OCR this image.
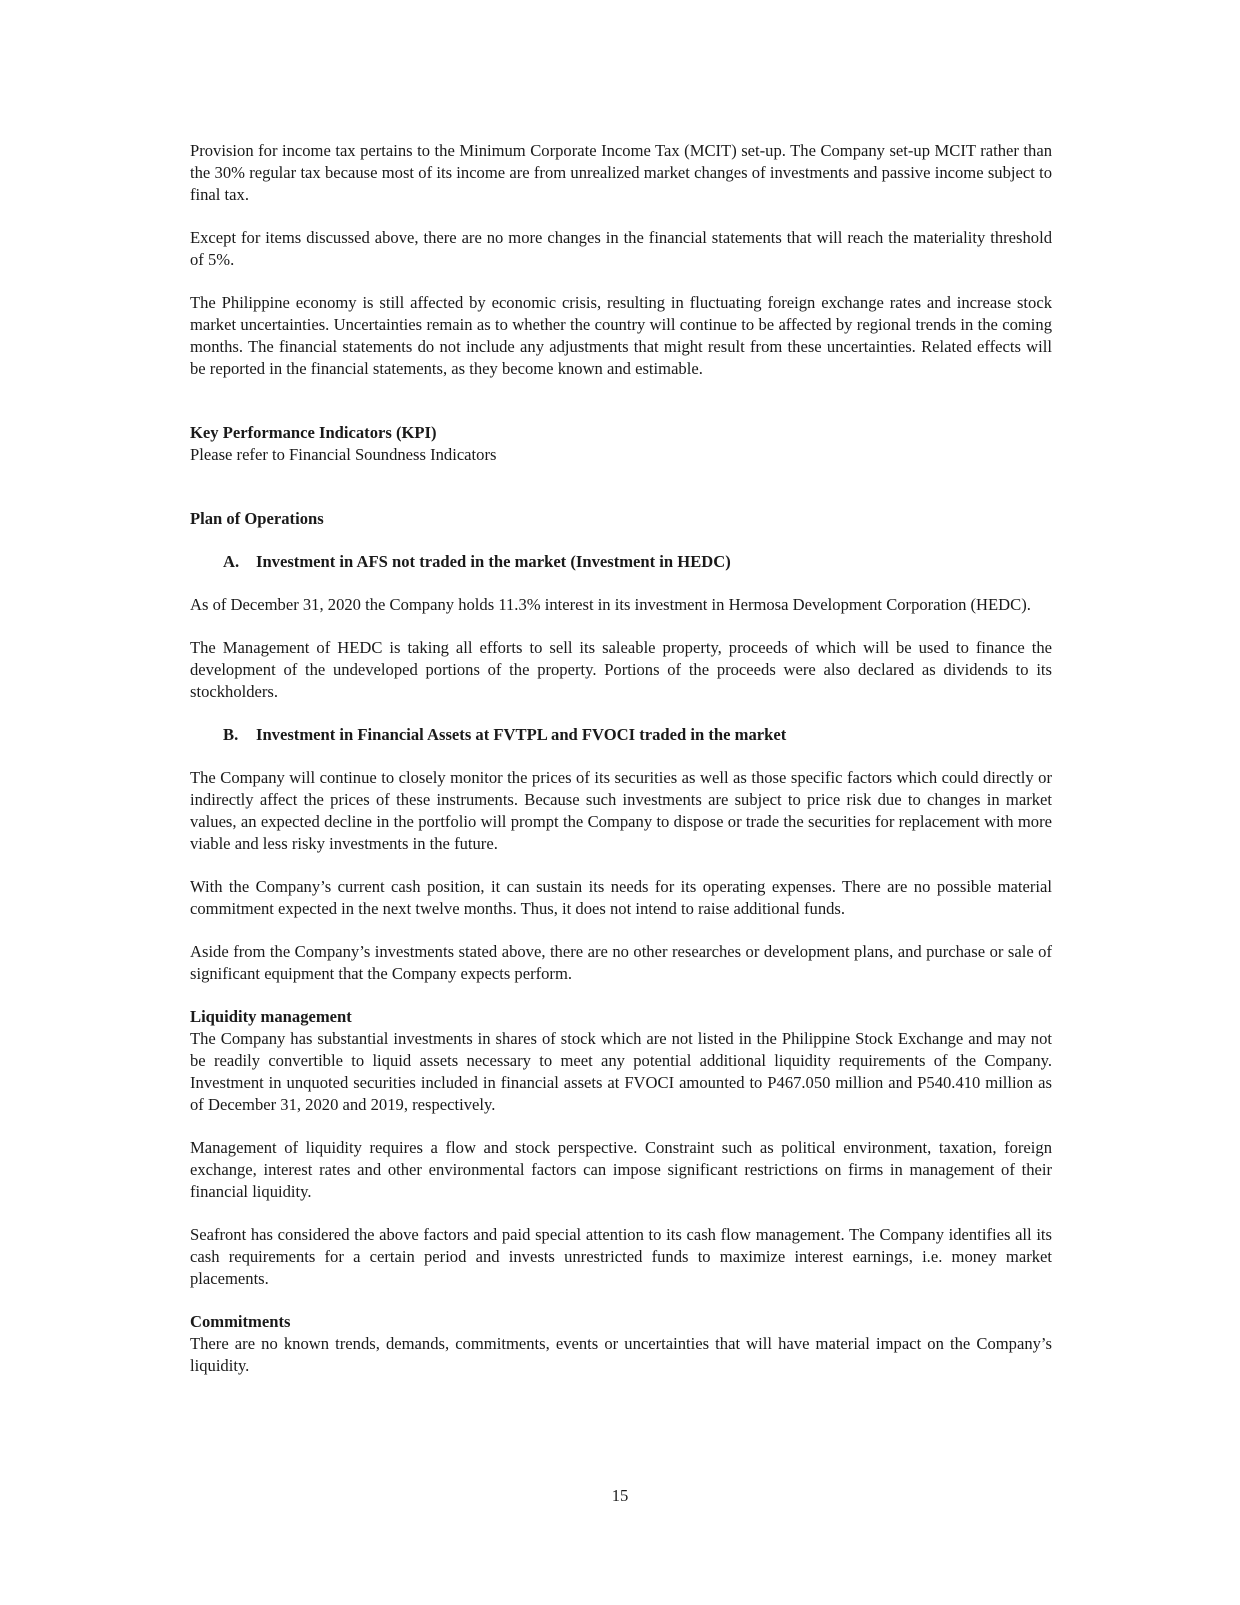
Provision for income tax pertains to the Minimum Corporate Income Tax (MCIT) set-up. The Company set-up MCIT rather than the 30% regular tax because most of its income are from unrealized market changes of investments and passive income subject to final tax.

Except for items discussed above, there are no more changes in the financial statements that will reach the materiality threshold of 5%.

The Philippine economy is still affected by economic crisis, resulting in fluctuating foreign exchange rates and increase stock market uncertainties. Uncertainties remain as to whether the country will continue to be affected by regional trends in the coming months. The financial statements do not include any adjustments that might result from these uncertainties. Related effects will be reported in the financial statements, as they become known and estimable.

Key Performance Indicators (KPI)

Please refer to Financial Soundness Indicators

Plan of Operations

A. Investment in AFS not traded in the market (Investment in HEDC)

As of December 31, 2020 the Company holds 11.3% interest in its investment in Hermosa Development Corporation (HEDC).

The Management of HEDC is taking all efforts to sell its saleable property, proceeds of which will be used to finance the development of the undeveloped portions of the property. Portions of the proceeds were also declared as dividends to its stockholders.

B. Investment in Financial Assets at FVTPL and FVOCI traded in the market

The Company will continue to closely monitor the prices of its securities as well as those specific factors which could directly or indirectly affect the prices of these instruments. Because such investments are subject to price risk due to changes in market values, an expected decline in the portfolio will prompt the Company to dispose or trade the securities for replacement with more viable and less risky investments in the future.

With the Company’s current cash position, it can sustain its needs for its operating expenses. There are no possible material commitment expected in the next twelve months. Thus, it does not intend to raise additional funds.

Aside from the Company’s investments stated above, there are no other researches or development plans, and purchase or sale of significant equipment that the Company expects perform.

Liquidity management

The Company has substantial investments in shares of stock which are not listed in the Philippine Stock Exchange and may not be readily convertible to liquid assets necessary to meet any potential additional liquidity requirements of the Company. Investment in unquoted securities included in financial assets at FVOCI amounted to P467.050 million and P540.410 million as of December 31, 2020 and 2019, respectively.

Management of liquidity requires a flow and stock perspective. Constraint such as political environment, taxation, foreign exchange, interest rates and other environmental factors can impose significant restrictions on firms in management of their financial liquidity.

Seafront has considered the above factors and paid special attention to its cash flow management. The Company identifies all its cash requirements for a certain period and invests unrestricted funds to maximize interest earnings, i.e. money market placements.

Commitments

There are no known trends, demands, commitments, events or uncertainties that will have material impact on the Company’s liquidity.

15
